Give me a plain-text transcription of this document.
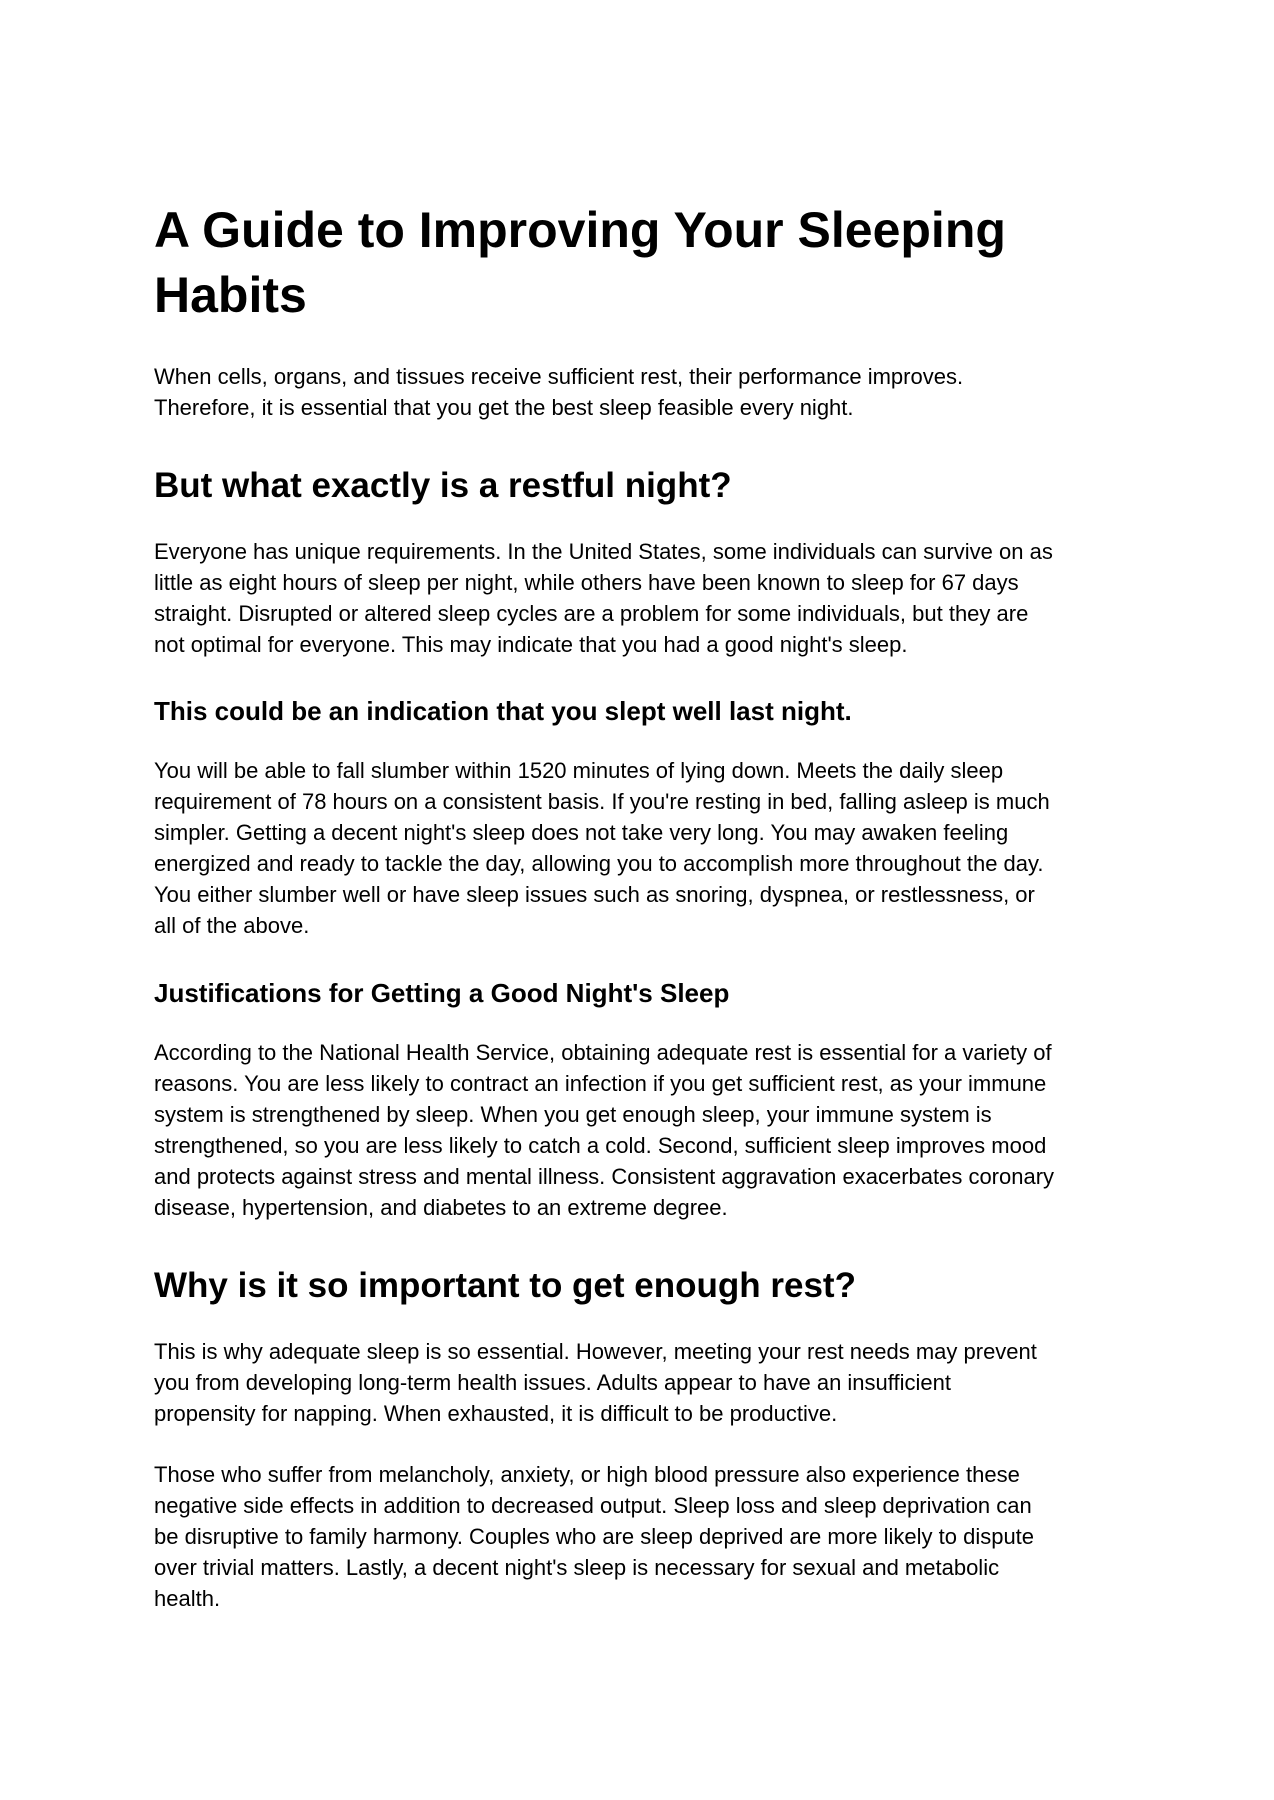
A Guide to Improving Your Sleeping Habits

When cells, organs, and tissues receive sufficient rest, their performance improves.
Therefore, it is essential that you get the best sleep feasible every night.

But what exactly is a restful night?

Everyone has unique requirements. In the United States, some individuals can survive on as
little as eight hours of sleep per night, while others have been known to sleep for 67 days
straight. Disrupted or altered sleep cycles are a problem for some individuals, but they are
not optimal for everyone. This may indicate that you had a good night's sleep.

This could be an indication that you slept well last night.

You will be able to fall slumber within 1520 minutes of lying down. Meets the daily sleep
requirement of 78 hours on a consistent basis. If you're resting in bed, falling asleep is much
simpler. Getting a decent night's sleep does not take very long. You may awaken feeling
energized and ready to tackle the day, allowing you to accomplish more throughout the day.
You either slumber well or have sleep issues such as snoring, dyspnea, or restlessness, or
all of the above.

Justifications for Getting a Good Night's Sleep

According to the National Health Service, obtaining adequate rest is essential for a variety of
reasons. You are less likely to contract an infection if you get sufficient rest, as your immune
system is strengthened by sleep. When you get enough sleep, your immune system is
strengthened, so you are less likely to catch a cold. Second, sufficient sleep improves mood
and protects against stress and mental illness. Consistent aggravation exacerbates coronary
disease, hypertension, and diabetes to an extreme degree.

Why is it so important to get enough rest?

This is why adequate sleep is so essential. However, meeting your rest needs may prevent
you from developing long-term health issues. Adults appear to have an insufficient
propensity for napping. When exhausted, it is difficult to be productive.

Those who suffer from melancholy, anxiety, or high blood pressure also experience these
negative side effects in addition to decreased output. Sleep loss and sleep deprivation can
be disruptive to family harmony. Couples who are sleep deprived are more likely to dispute
over trivial matters. Lastly, a decent night's sleep is necessary for sexual and metabolic
health.
